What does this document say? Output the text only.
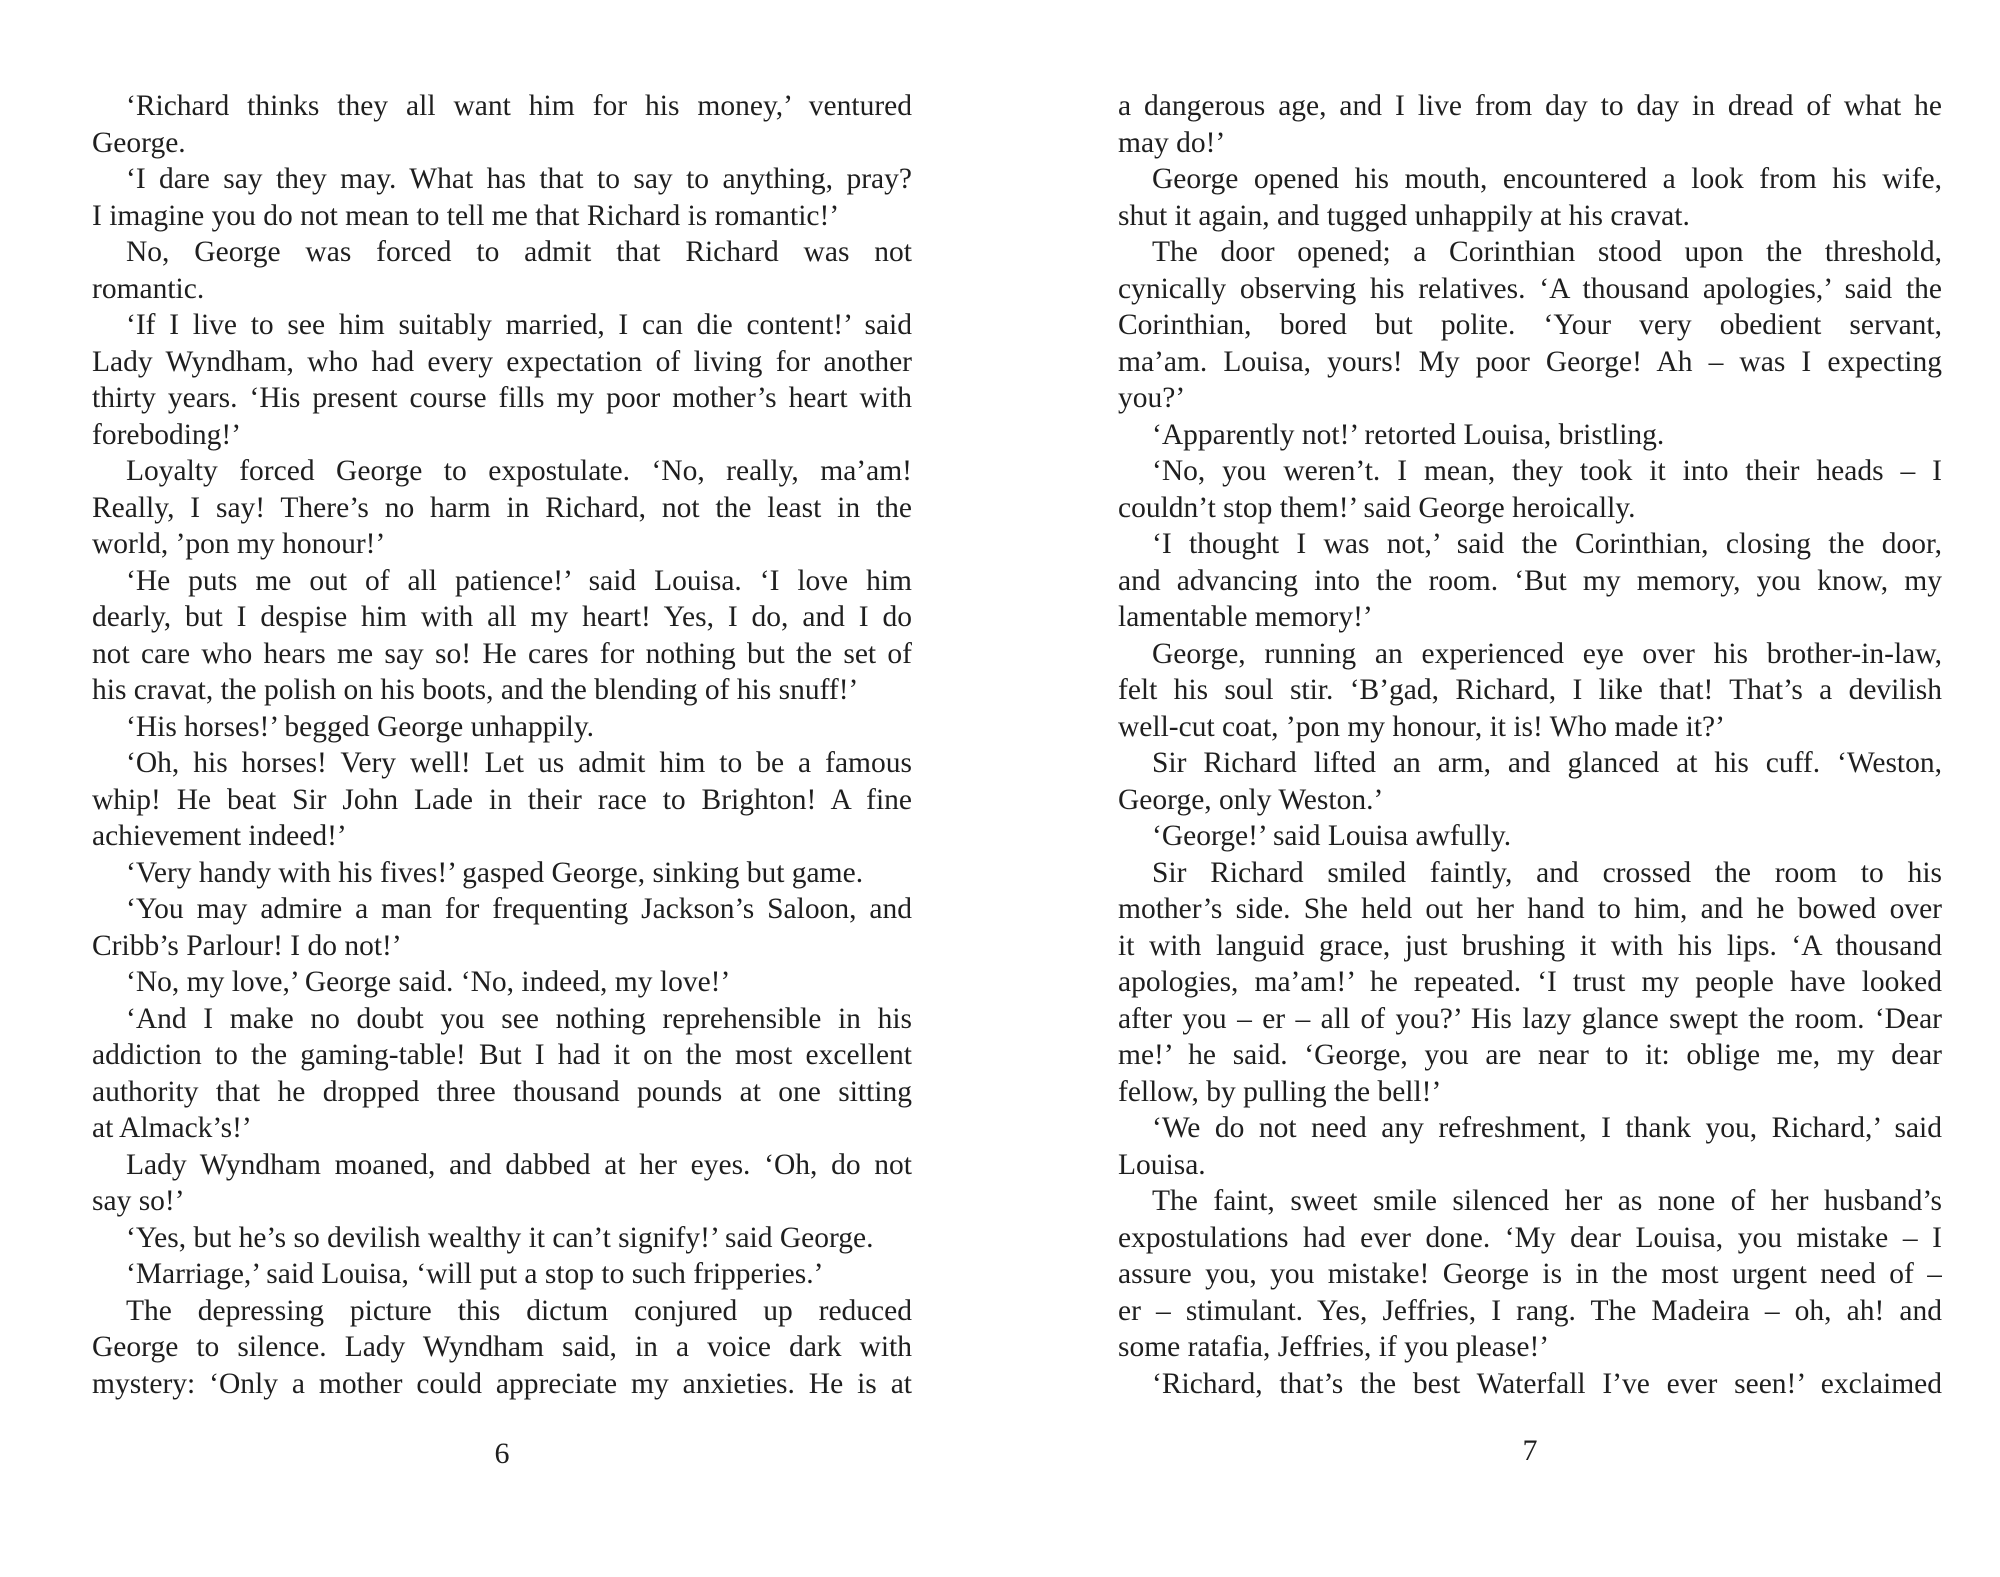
‘Richard thinks they all want him for his money,’ ventured
George.
‘I dare say they may. What has that to say to anything, pray?
I imagine you do not mean to tell me that Richard is romantic!’
No, George was forced to admit that Richard was not
romantic.
‘If I live to see him suitably married, I can die content!’ said
Lady Wyndham, who had every expectation of living for another
thirty years. ‘His present course fills my poor mother’s heart with
foreboding!’
Loyalty forced George to expostulate. ‘No, really, ma’am!
Really, I say! There’s no harm in Richard, not the least in the
world, ’pon my honour!’
‘He puts me out of all patience!’ said Louisa. ‘I love him
dearly, but I despise him with all my heart! Yes, I do, and I do
not care who hears me say so! He cares for nothing but the set of
his cravat, the polish on his boots, and the blending of his snuff!’
‘His horses!’ begged George unhappily.
‘Oh, his horses! Very well! Let us admit him to be a famous
whip! He beat Sir John Lade in their race to Brighton! A fine
achievement indeed!’
‘Very handy with his fives!’ gasped George, sinking but game.
‘You may admire a man for frequenting Jackson’s Saloon, and
Cribb’s Parlour! I do not!’
‘No, my love,’ George said. ‘No, indeed, my love!’
‘And I make no doubt you see nothing reprehensible in his
addiction to the gaming-table! But I had it on the most excellent
authority that he dropped three thousand pounds at one sitting
at Almack’s!’
Lady Wyndham moaned, and dabbed at her eyes. ‘Oh, do not
say so!’
‘Yes, but he’s so devilish wealthy it can’t signify!’ said George.
‘Marriage,’ said Louisa, ‘will put a stop to such fripperies.’
The depressing picture this dictum conjured up reduced
George to silence. Lady Wyndham said, in a voice dark with
mystery: ‘Only a mother could appreciate my anxieties. He is at
6
a dangerous age, and I live from day to day in dread of what he
may do!’
George opened his mouth, encountered a look from his wife,
shut it again, and tugged unhappily at his cravat.
The door opened; a Corinthian stood upon the threshold,
cynically observing his relatives. ‘A thousand apologies,’ said the
Corinthian, bored but polite. ‘Your very obedient servant,
ma’am. Louisa, yours! My poor George! Ah – was I expecting
you?’
‘Apparently not!’ retorted Louisa, bristling.
‘No, you weren’t. I mean, they took it into their heads – I
couldn’t stop them!’ said George heroically.
‘I thought I was not,’ said the Corinthian, closing the door,
and advancing into the room. ‘But my memory, you know, my
lamentable memory!’
George, running an experienced eye over his brother-in-law,
felt his soul stir. ‘B’gad, Richard, I like that! That’s a devilish
well-cut coat, ’pon my honour, it is! Who made it?’
Sir Richard lifted an arm, and glanced at his cuff. ‘Weston,
George, only Weston.’
‘George!’ said Louisa awfully.
Sir Richard smiled faintly, and crossed the room to his
mother’s side. She held out her hand to him, and he bowed over
it with languid grace, just brushing it with his lips. ‘A thousand
apologies, ma’am!’ he repeated. ‘I trust my people have looked
after you – er – all of you?’ His lazy glance swept the room. ‘Dear
me!’ he said. ‘George, you are near to it: oblige me, my dear
fellow, by pulling the bell!’
‘We do not need any refreshment, I thank you, Richard,’ said
Louisa.
The faint, sweet smile silenced her as none of her husband’s
expostulations had ever done. ‘My dear Louisa, you mistake – I
assure you, you mistake! George is in the most urgent need of –
er – stimulant. Yes, Jeffries, I rang. The Madeira – oh, ah! and
some ratafia, Jeffries, if you please!’
‘Richard, that’s the best Waterfall I’ve ever seen!’ exclaimed
7
